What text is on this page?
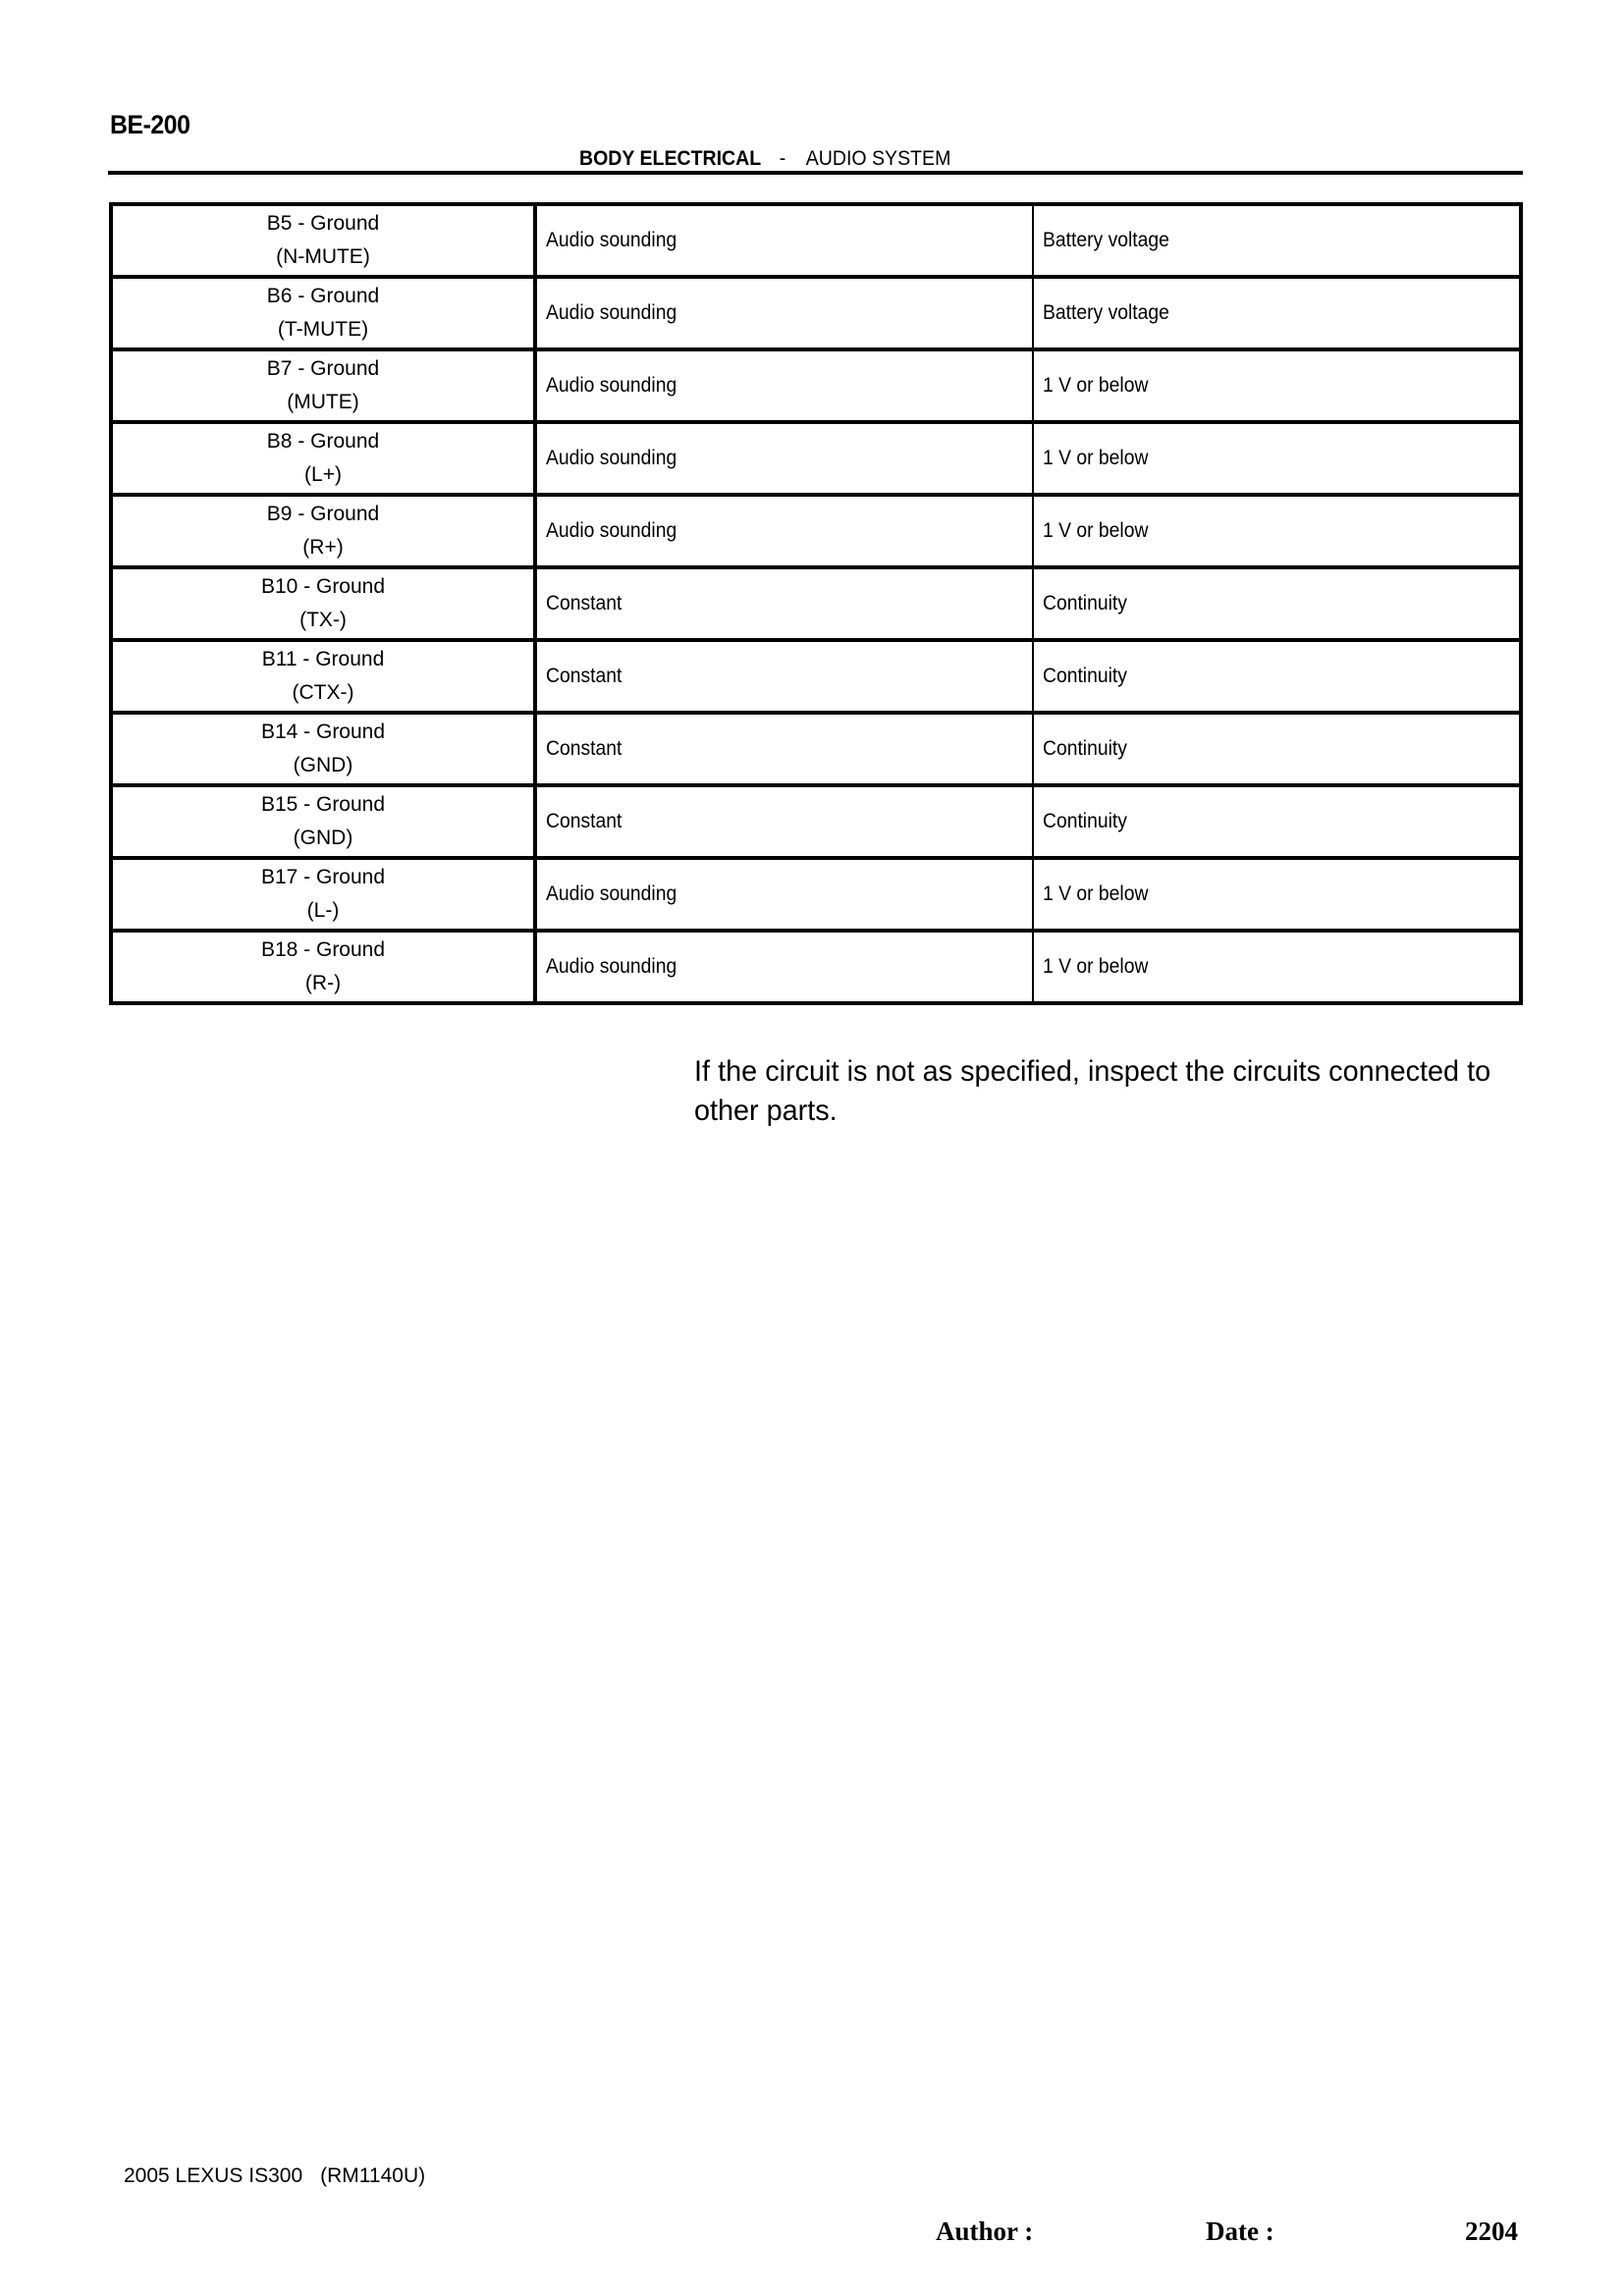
BE-200
BODY ELECTRICAL - AUDIO SYSTEM
B5 - Ground
(N-MUTE)	Audio sounding	Battery voltage

B6 - Ground
(T-MUTE)	Audio sounding	Battery voltage

B7 - Ground
(MUTE)	Audio sounding	1 V or below

B8 - Ground
(L+)	Audio sounding	1 V or below

B9 - Ground
(R+)	Audio sounding	1 V or below

B10 - Ground
(TX-)	Constant	Continuity

B11 - Ground
(CTX-)	Constant	Continuity

B14 - Ground
(GND)	Constant	Continuity

B15 - Ground
(GND)	Constant	Continuity

B17 - Ground
(L-)	Audio sounding	1 V or below

B18 - Ground
(R-)	Audio sounding	1 V or below
If the circuit is not as specified, inspect the circuits connected to other parts.
2005 LEXUS IS300 (RM1140U)
Author :	Date :	2204
